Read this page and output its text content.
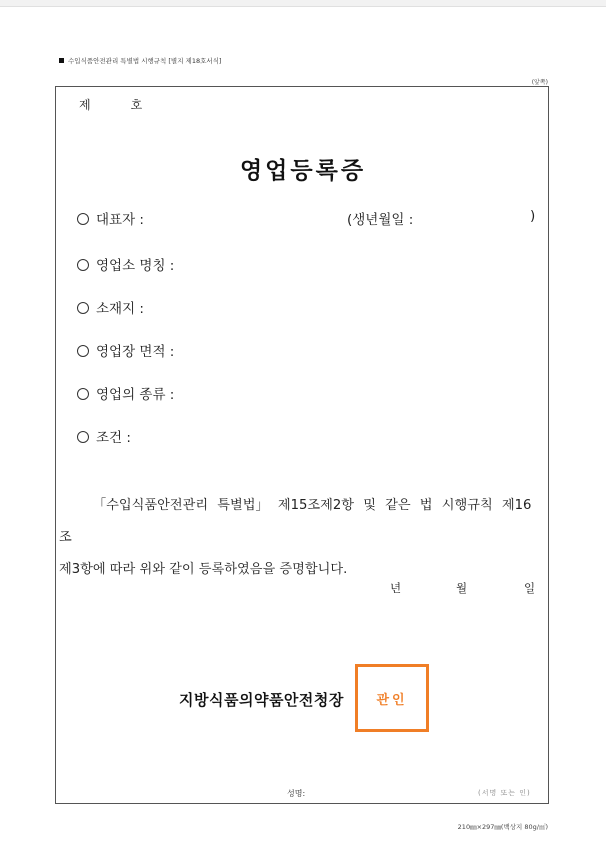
수입식품안전관리 특별법 시행규칙 [별지 제18호서식]
(앞쪽)
제	호
영업등록증
대표자 :	(생년월일 :	)
영업소 명칭 :
소재지 :
영업장 면적 :
영업의 종류 :
조건 :
「수입식품안전관리 특별법」 제15조제2항 및 같은 법 시행규칙 제16조
제3항에 따라 위와 같이 등록하였음을 증명합니다.
년	월	일
지방식품의약품안전청장	관인
성명:	(서명 또는 인)
210㎜×297㎜(백상지 80g/㎡)
